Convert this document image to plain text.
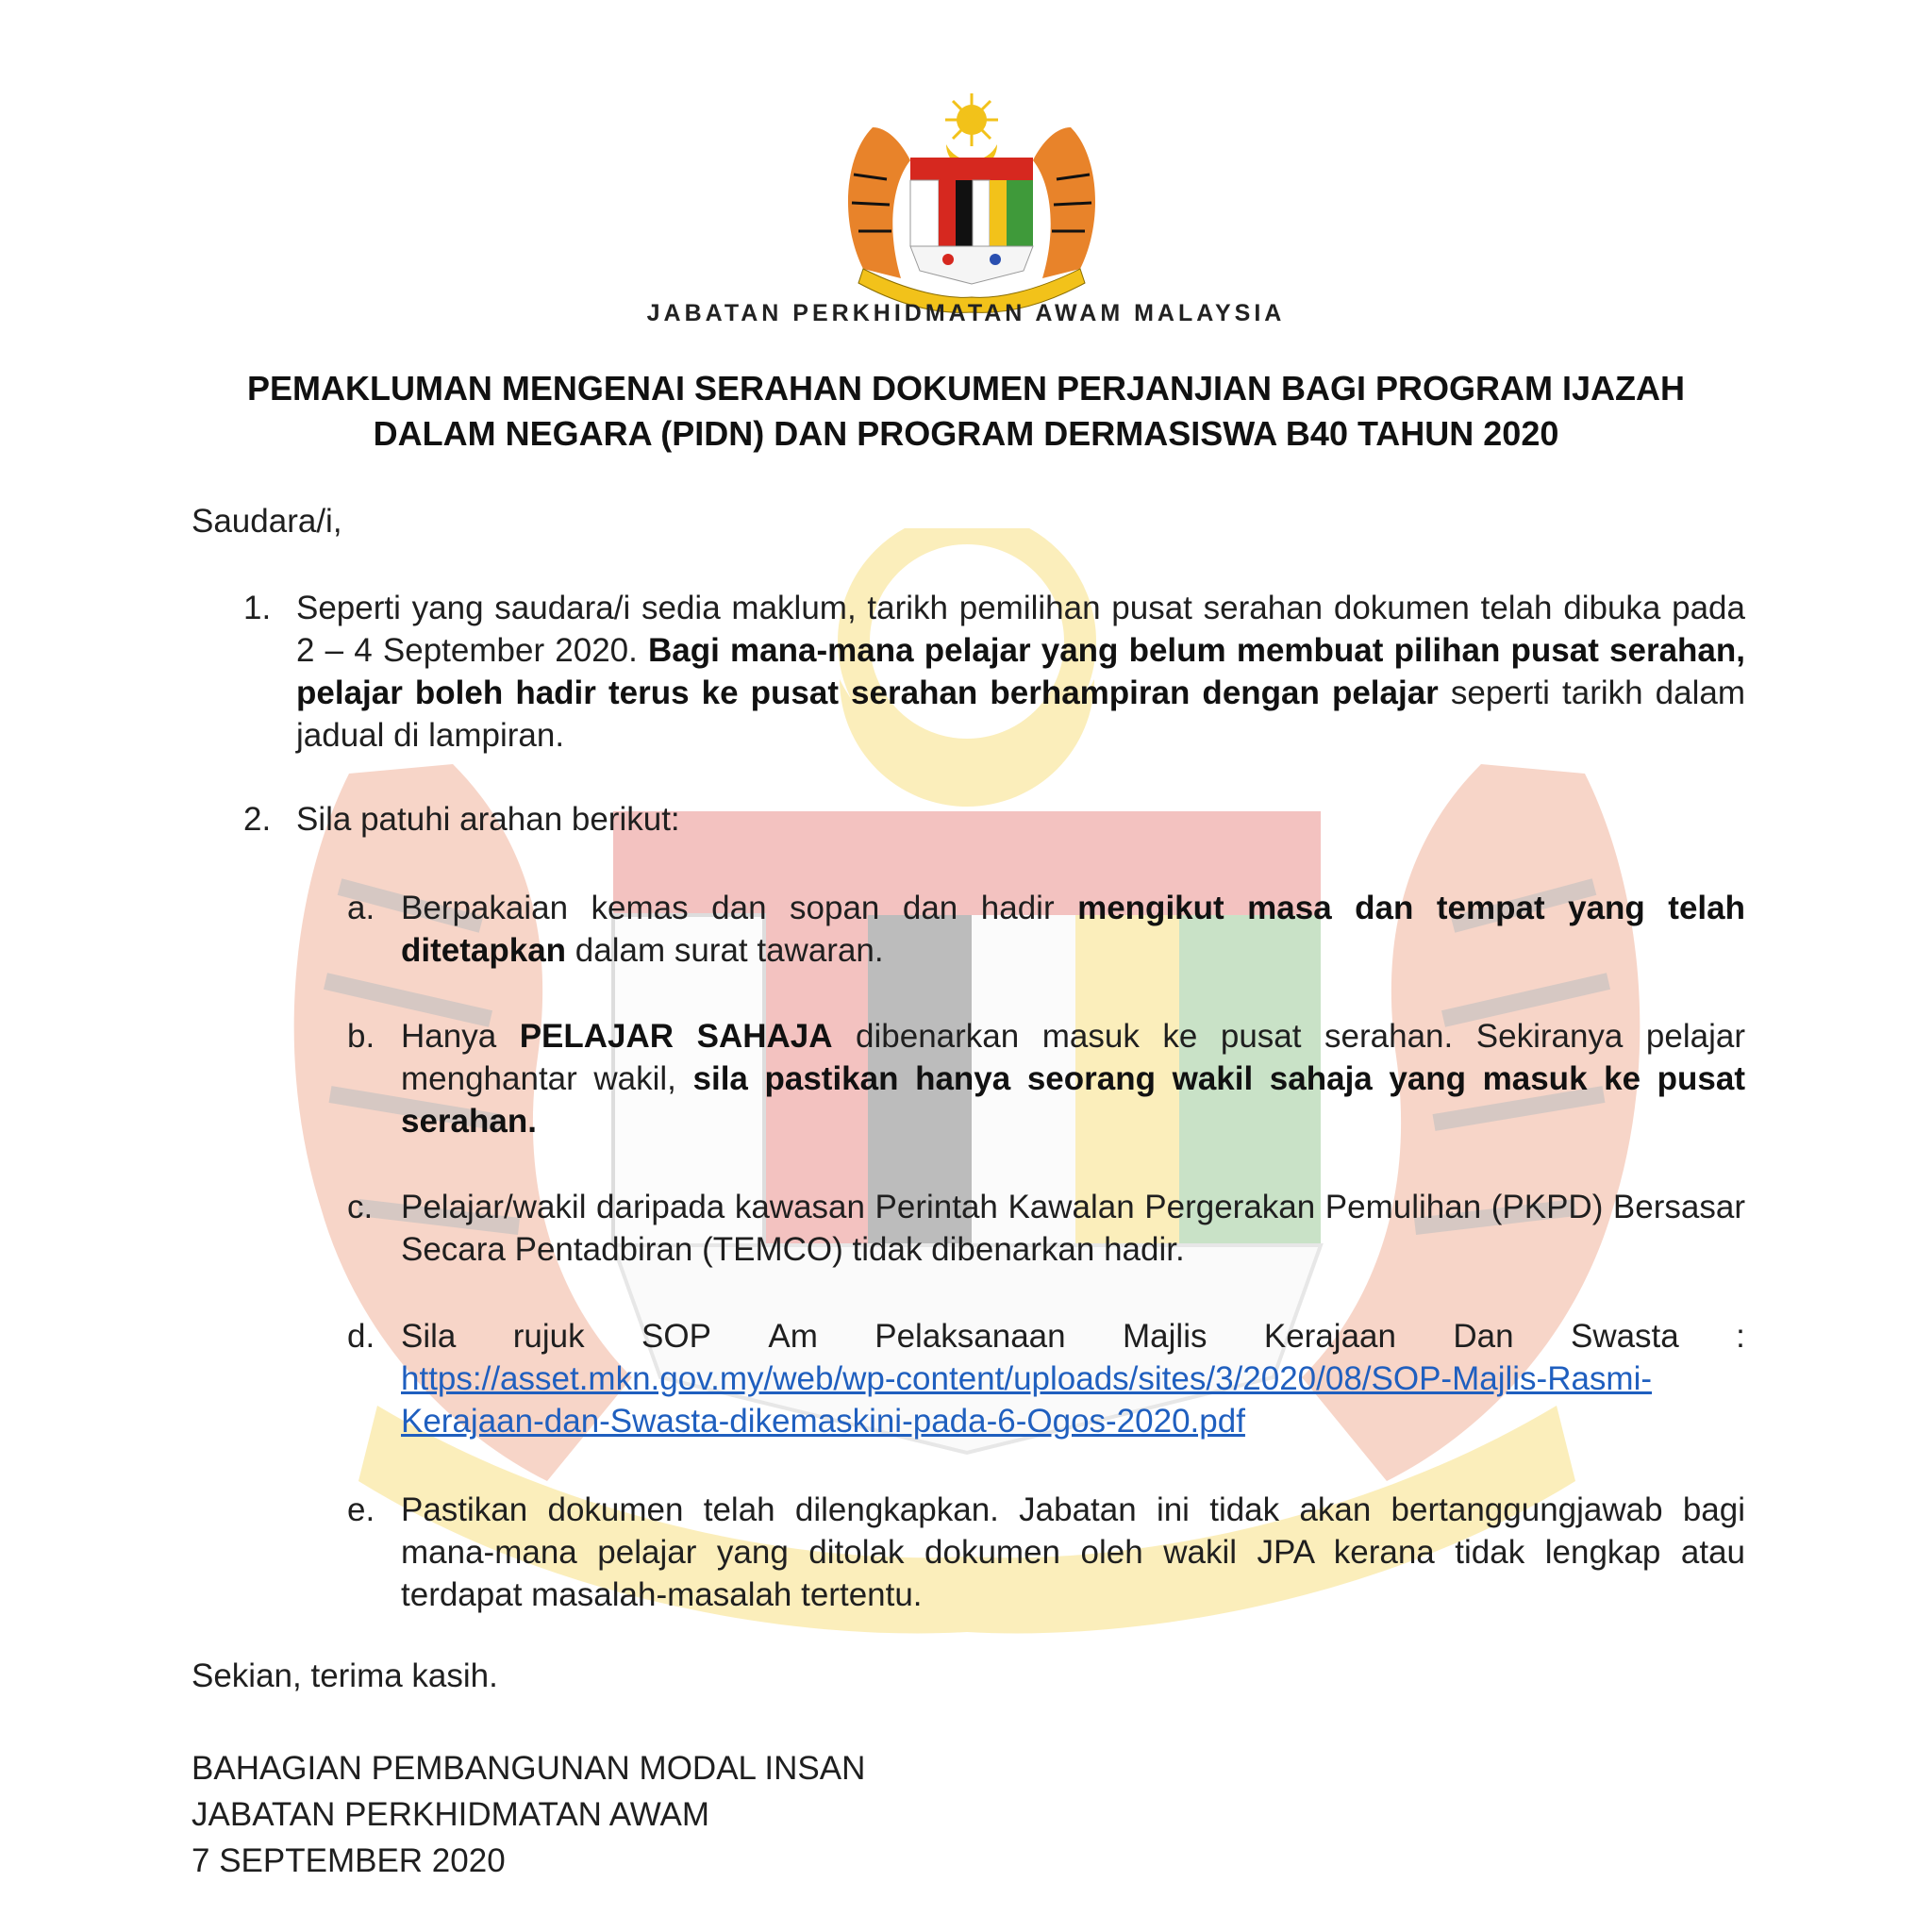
JABATAN PERKHIDMATAN AWAM MALAYSIA
PEMAKLUMAN MENGENAI SERAHAN DOKUMEN PERJANJIAN BAGI PROGRAM IJAZAH
DALAM NEGARA (PIDN) DAN PROGRAM DERMASISWA B40 TAHUN 2020
Saudara/i,
1. Seperti yang saudara/i sedia maklum, tarikh pemilihan pusat serahan dokumen telah dibuka pada 2 – 4 September 2020. Bagi mana-mana pelajar yang belum membuat pilihan pusat serahan, pelajar boleh hadir terus ke pusat serahan berhampiran dengan pelajar seperti tarikh dalam jadual di lampiran.
2. Sila patuhi arahan berikut:
a. Berpakaian kemas dan sopan dan hadir mengikut masa dan tempat yang telah ditetapkan dalam surat tawaran.
b. Hanya PELAJAR SAHAJA dibenarkan masuk ke pusat serahan. Sekiranya pelajar menghantar wakil, sila pastikan hanya seorang wakil sahaja yang masuk ke pusat serahan.
c. Pelajar/wakil daripada kawasan Perintah Kawalan Pergerakan Pemulihan (PKPD) Bersasar Secara Pentadbiran (TEMCO) tidak dibenarkan hadir.
d. Sila rujuk SOP Am Pelaksanaan Majlis Kerajaan Dan Swasta :
https://asset.mkn.gov.my/web/wp-content/uploads/sites/3/2020/08/SOP-Majlis-Rasmi-Kerajaan-dan-Swasta-dikemaskini-pada-6-Ogos-2020.pdf
e. Pastikan dokumen telah dilengkapkan. Jabatan ini tidak akan bertanggungjawab bagi mana-mana pelajar yang ditolak dokumen oleh wakil JPA kerana tidak lengkap atau terdapat masalah-masalah tertentu.
Sekian, terima kasih.
BAHAGIAN PEMBANGUNAN MODAL INSAN
JABATAN PERKHIDMATAN AWAM
7 SEPTEMBER 2020
